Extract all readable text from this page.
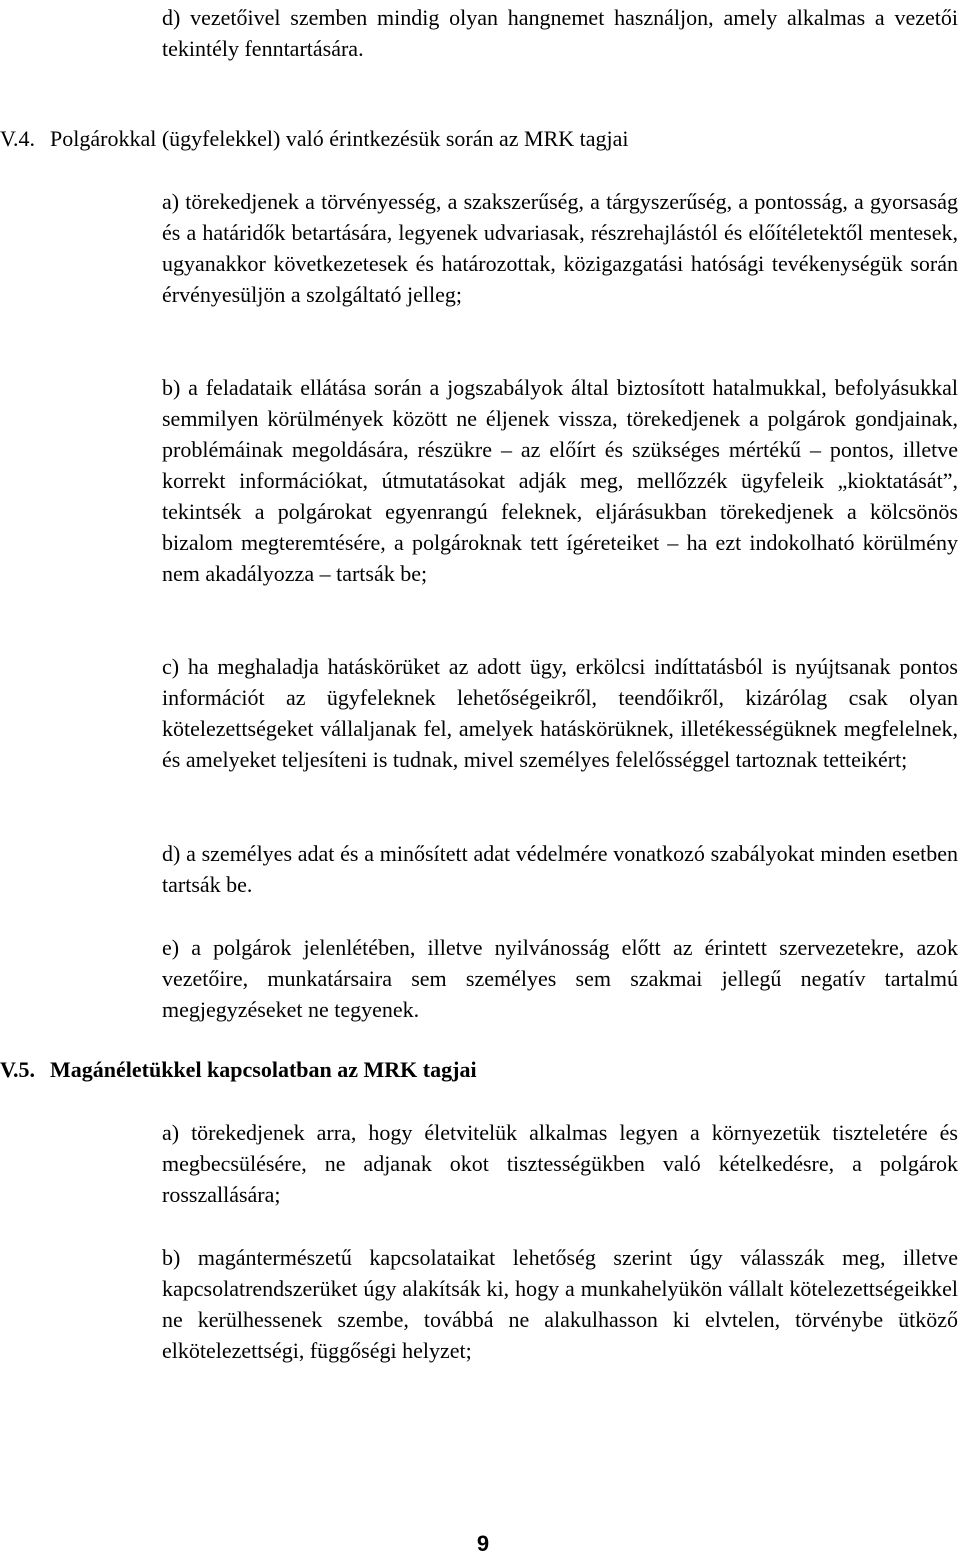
d) vezetőivel szemben mindig olyan hangnemet használjon, amely alkalmas a vezetői tekintély fenntartására.

V.4. Polgárokkal (ügyfelekkel) való érintkezésük során az MRK tagjai

a) törekedjenek a törvényesség, a szakszerűség, a tárgyszerűség, a pontosság, a gyorsaság és a határidők betartására, legyenek udvariasak, részrehajlástól és előítéletektől mentesek, ugyanakkor következetesek és határozottak, közigazgatási hatósági tevékenységük során érvényesüljön a szolgáltató jelleg;

b) a feladataik ellátása során a jogszabályok által biztosított hatalmukkal, befolyásukkal semmilyen körülmények között ne éljenek vissza, törekedjenek a polgárok gondjainak, problémáinak megoldására, részükre – az előírt és szükséges mértékű – pontos, illetve korrekt információkat, útmutatásokat adják meg, mellőzzék ügyfeleik „kioktatását”, tekintsék a polgárokat egyenrangú feleknek, eljárásukban törekedjenek a kölcsönös bizalom megteremtésére, a polgároknak tett ígéreteiket – ha ezt indokolható körülmény nem akadályozza – tartsák be;

c) ha meghaladja hatáskörüket az adott ügy, erkölcsi indíttatásból is nyújtsanak pontos információt az ügyfeleknek lehetőségeikről, teendőikről, kizárólag csak olyan kötelezettségeket vállaljanak fel, amelyek hatáskörüknek, illetékességüknek megfelelnek, és amelyeket teljesíteni is tudnak, mivel személyes felelősséggel tartoznak tetteikért;

d) a személyes adat és a minősített adat védelmére vonatkozó szabályokat minden esetben tartsák be.

e) a polgárok jelenlétében, illetve nyilvánosság előtt az érintett szervezetekre, azok vezetőire, munkatársaira sem személyes sem szakmai jellegű negatív tartalmú megjegyzéseket ne tegyenek.

V.5. Magánéletükkel kapcsolatban az MRK tagjai

a) törekedjenek arra, hogy életvitelük alkalmas legyen a környezetük tiszteletére és megbecsülésére, ne adjanak okot tisztességükben való kételkedésre, a polgárok rosszallására;

b) magántermészetű kapcsolataikat lehetőség szerint úgy válasszák meg, illetve kapcsolatrendszerüket úgy alakítsák ki, hogy a munkahelyükön vállalt kötelezettségeikkel ne kerülhessenek szembe, továbbá ne alakulhasson ki elvtelen, törvénybe ütköző elkötelezettségi, függőségi helyzet;

9
